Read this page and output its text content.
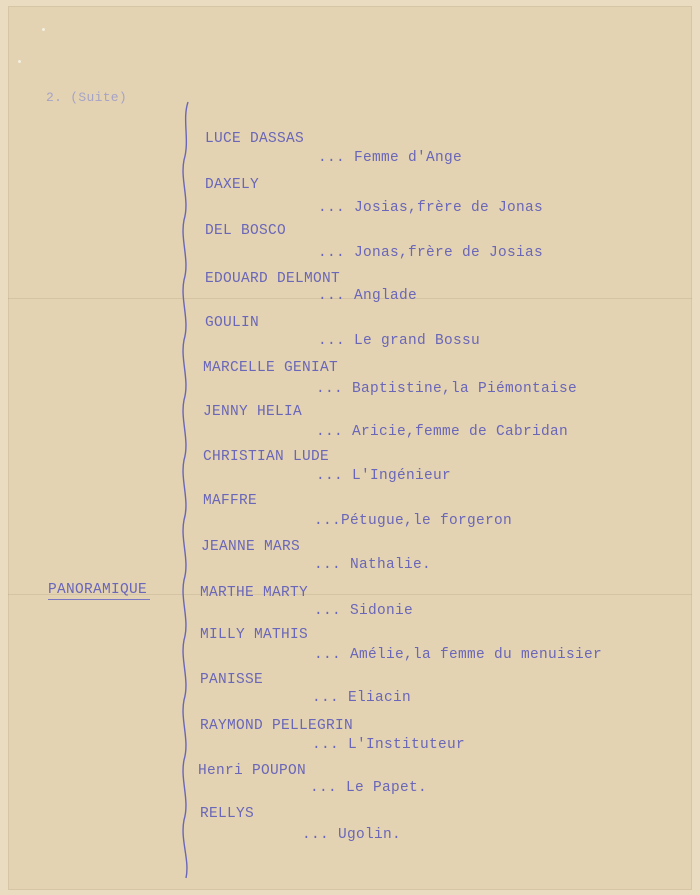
2. (Suite)
PANORAMIQUE
LUCE DASSAS
... Femme d'Ange
DAXELY
... Josias,frère de Jonas
DEL BOSCO
... Jonas,frère de Josias
EDOUARD DELMONT
... Anglade
GOULIN
... Le grand Bossu
MARCELLE GENIAT
... Baptistine,la Piémontaise
JENNY HELIA
... Aricie,femme de Cabridan
CHRISTIAN LUDE
... L'Ingénieur
MAFFRE
...Pétugue,le forgeron
JEANNE MARS
... Nathalie.
MARTHE MARTY
... Sidonie
MILLY MATHIS
... Amélie,la femme du menuisier
PANISSE
... Eliacin
RAYMOND PELLEGRIN
... L'Instituteur
Henri POUPON
... Le Papet.
RELLYS
... Ugolin.
